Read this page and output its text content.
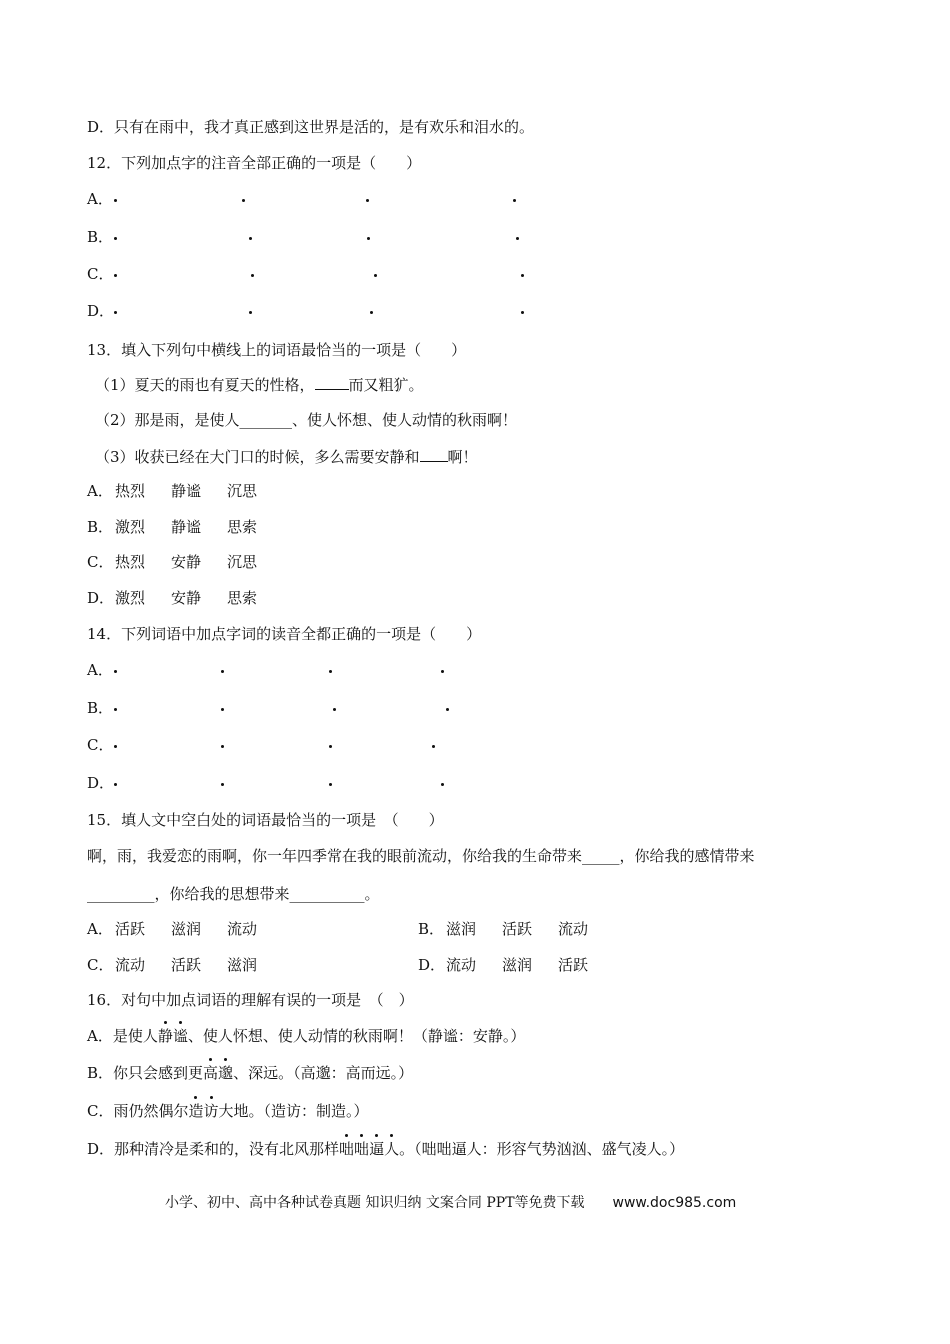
D．只有在雨中，我才真正感到这世界是活的，是有欢乐和泪水的。
12．下列加点字的注音全部正确的一项是（　　）
A．
B．
C．
D．
13．填入下列句中横线上的词语最恰当的一项是（　　）
（1）夏天的雨也有夏天的性格， 而又粗犷。
（2）那是雨，是使人_______、使人怀想、使人动情的秋雨啊！
（3）收获已经在大门口的时候，多么需要安静和 啊！
A． 热烈 静谧 沉思
B． 激烈 静谧 思索
C． 热烈 安静 沉思
D． 激烈 安静 思索
14．下列词语中加点字词的读音全都正确的一项是（　　）
A．
B．
C．
D．
15．填人文中空白处的词语最恰当的一项是　（　　）
啊，雨，我爱恋的雨啊，你一年四季常在我的眼前流动，你给我的生命带来_____，你给我的感情带来
_________，你给我的思想带来__________。
A． 活跃 滋润 流动	B． 滋润 活跃 流动
C． 流动 活跃 滋润	D． 流动 滋润 活跃
16．对句中加点词语的理解有误的一项是　（　）
A．是使人静谧、使人怀想、使人动情的秋雨啊！（静谧：安静。）
B．你只会感到更高邈、深远。（高邈：高而远。）
C．雨仍然偶尔造访大地。（造访：制造。）
D．那种清冷是柔和的，没有北风那样咄咄逼人。（咄咄逼人：形容气势汹汹、盛气凌人。）
小学、初中、高中各种试卷真题 知识归纳 文案合同 PPT等免费下载 www.doc985.com
